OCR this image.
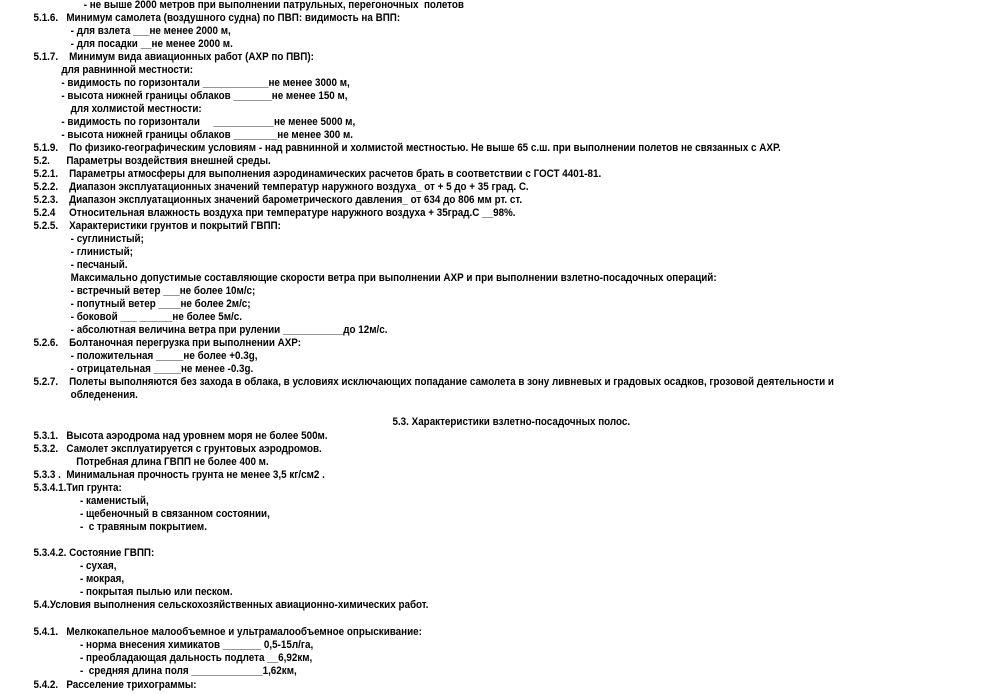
- не выше 2000 метров при выполнении патрульных, перегоночных  полетов
5.1.6.   Минимум самолета (воздушного судна) по ПВП: видимость на ВПП:
- для взлета ___не менее 2000 м,
- для посадки __не менее 2000 м.
5.1.7.    Минимум вида авиационных работ (АХР по ПВП):
для равнинной местности:
- видимость по горизонтали ____________не менее 3000 м,
- высота нижней границы облаков _______не менее 150 м,
для холмистой местности:
- видимость по горизонтали     ___________не менее 5000 м,
- высота нижней границы облаков ________не менее 300 м.
5.1.9.    По физико-географическим условиям - над равнинной и холмистой местностью. Не выше 65 с.ш. при выполнении полетов не связанных с АХР.
5.2.      Параметры воздействия внешней среды.
5.2.1.    Параметры атмосферы для выполнения аэродинамических расчетов брать в соответствии с ГОСТ 4401-81.
5.2.2.    Диапазон эксплуатационных значений температур наружного воздуха_ от + 5 до + 35 град. С.
5.2.3.    Диапазон эксплуатационных значений барометрического давления_ от 634 до 806 мм рт. ст.
5.2.4     Относительная влажность воздуха при температуре наружного воздуха + 35град.С __98%.
5.2.5.    Характеристики грунтов и покрытий ГВПП:
- суглинистый;
- глинистый;
- песчаный.
Максимально допустимые составляющие скорости ветра при выполнении АХР и при выполнении взлетно-посадочных операций:
- встречный ветер ___не более 10м/с;
- попутный ветер ____не более 2м/с;
- боковой ___ ______не более 5м/с.
- абсолютная величина ветра при рулении ___________до 12м/с.
5.2.6.    Болтаночная перегрузка при выполнении АХР:
- положительная _____не более +0.3g,
- отрицательная _____не менее -0.3g.
5.2.7.    Полеты выполняются без захода в облака, в условиях исключающих попадание самолета в зону ливневых и градовых осадков, грозовой деятельности и
обледенения.
5.3. Характеристики взлетно-посадочных полос.
5.3.1.   Высота аэродрома над уровнем моря не более 500м.
5.3.2.   Самолет эксплуатируется с грунтовых аэродромов.
Потребная длина ГВПП не более 400 м.
5.3.3 .  Минимальная прочность грунта не менее 3,5 кг/см2 .
5.3.4.1.Тип грунта:
- каменистый,
- щебеночный в связанном состоянии,
-  с травяным покрытием.
5.3.4.2. Состояние ГВПП:
- сухая,
- мокрая,
- покрытая пылью или песком.
5.4.Условия выполнения сельскохозяйственных авиационно-химических работ.
5.4.1.   Мелкокапельное малообъемное и ультрамалообъемное опрыскивание:
- норма внесения химикатов _______ 0,5-15л/га,
- преобладающая дальность подлета __6,92км,
-  средняя длина поля _____________1,62км,
5.4.2.   Расселение трихограммы:
